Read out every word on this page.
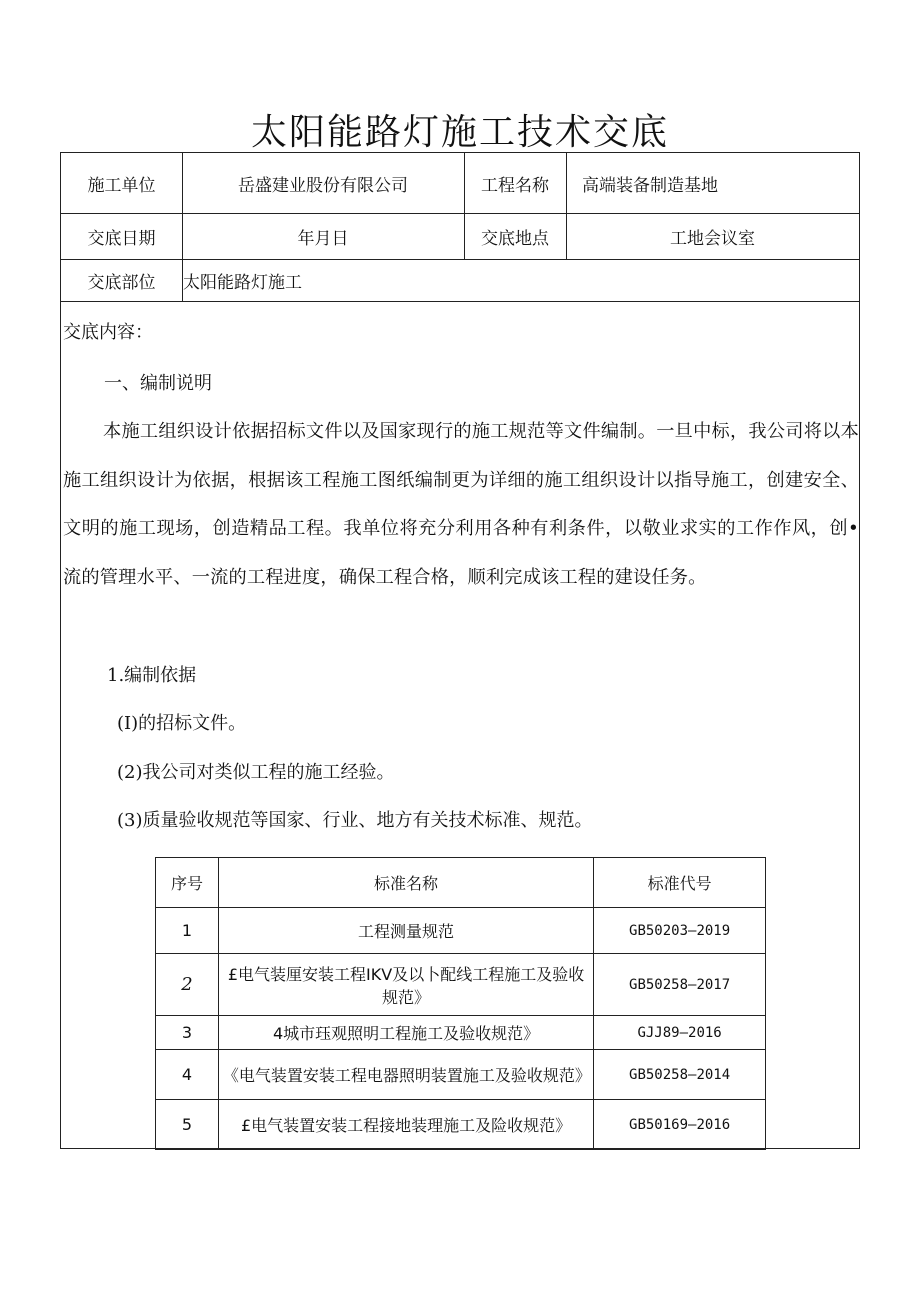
太阳能路灯施工技术交底
施工单位	岳盛建业股份有限公司	工程名称	高端装备制造基地
交底日期	年月日	交底地点	工地会议室
交底部位	太阳能路灯施工
交底内容：
一、编制说明
本施工组织设计依据招标文件以及国家现行的施工规范等文件编制。一旦中标，我公司将以本施工组织设计为依据，根据该工程施工图纸编制更为详细的施工组织设计以指导施工，创建安全、文明的施工现场，创造精品工程。我单位将充分利用各种有利条件，以敬业求实的工作作风，创•流的管理水平、一流的工程进度，确保工程合格，顺利完成该工程的建设任务。
1.编制依据
(I)的招标文件。
(2)我公司对类似工程的施工经验。
(3)质量验收规范等国家、行业、地方有关技术标准、规范。
序号	标准名称	标准代号
1	工程测量规范	GB50203—2019
2	£电气装厘安装工程IKV及以卜配线工程施工及验收规范》	GB50258—2017
3	4城市珏观照明工程施工及验收规范》	GJJ89—2016
4	《电气装置安装工程电器照明装置施工及验收规范》	GB50258—2014
5	£电气装置安装工程接地装理施工及险收规范》	GB50169—2016
